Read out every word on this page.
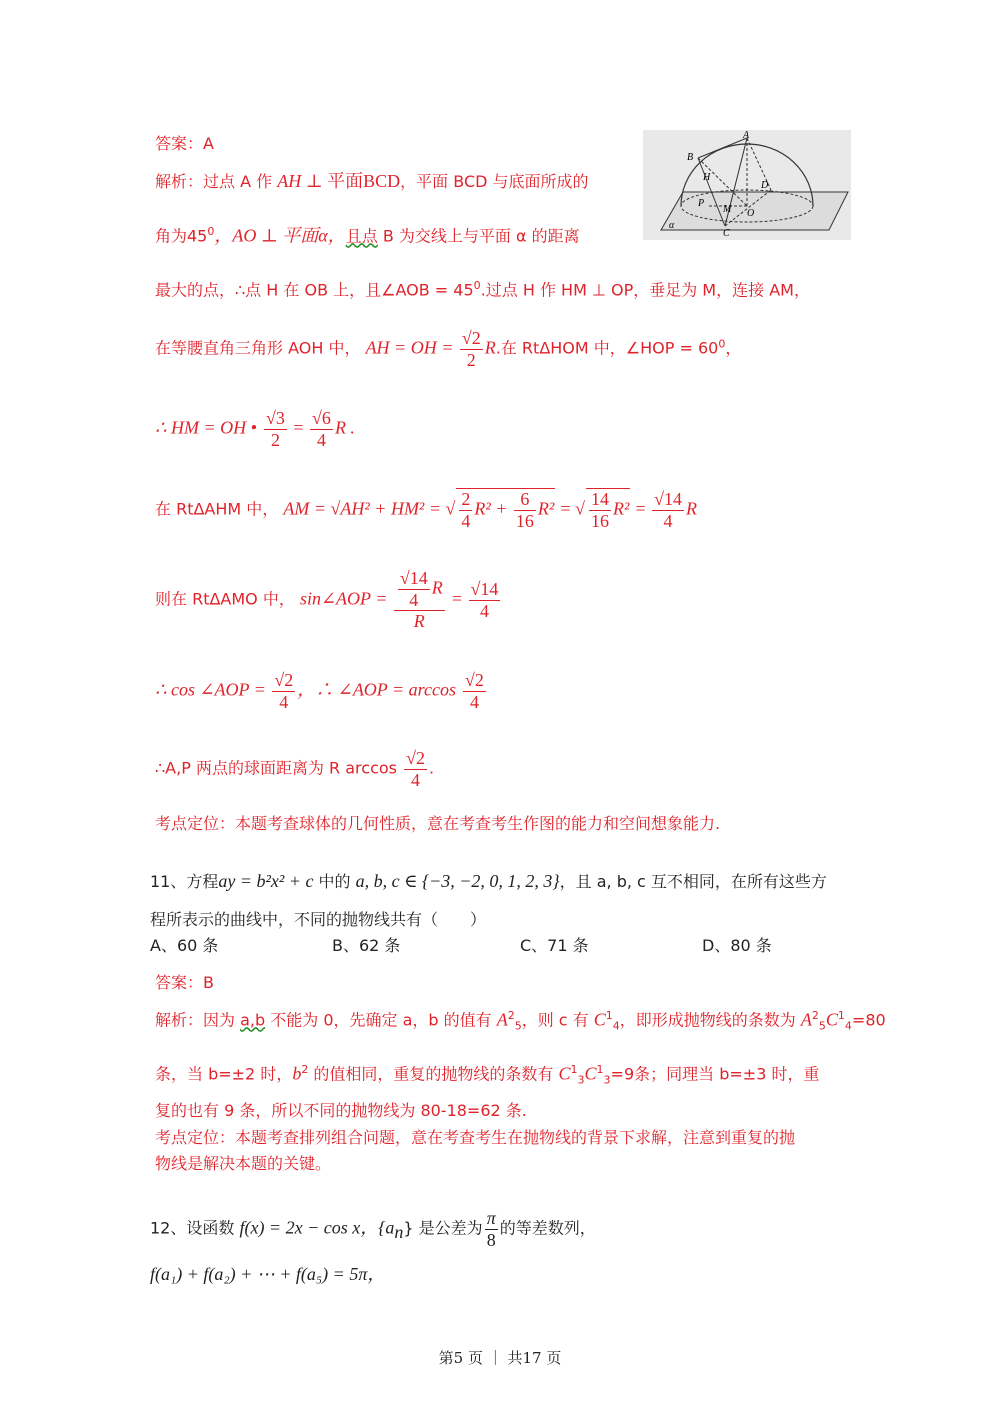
A
B
H
D
P
M O
C
α
答案：A
解析：过点 A 作 AH ⊥ 平面BCD，平面 BCD 与底面所成的
角为$45^0$，AO ⊥ 平面α，且点 B 为交线上与平面 α 的距离
最大的点，∴点 H 在 OB 上，且∠AOB = $45^0$.过点 H 作 HM ⊥ OP，垂足为 M，连接 AM，
在等腰直角三角形 AOH 中， AH = OH = $\frac{√2}{2} R$.在 RtΔHOM 中，∠HOP = $60^0$，
∴ HM = OH • $\frac{√3}{2} = \frac{√6}{4}$ R .
在 RtΔAHM 中， AM = √AH² + HM² = √ $\frac{2}{4} R^2 + \frac{6}{16} R^2$ = √ $\frac{14}{16} R^2 = \frac{√14}{4}$ R
则在 RtΔAMO 中， sin∠AOP = $\frac{\frac{√14}{4} R}{R} = \frac{√14}{4}$
∴ cos ∠AOP = $\frac{√2}{4}$ ，∴ ∠AOP = $\arccos \frac{√2}{4}$
∴A,P 两点的球面距离为 R $\arccos \frac{√2}{4}$ .
考点定位：本题考查球体的几何性质，意在考查考生作图的能力和空间想象能力.
11、方程ay = b²x² + c 中的 a, b, c ∈ {−3, −2, 0, 1, 2, 3}，且 a, b, c 互不相同，在所有这些方
程所表示的曲线中，不同的抛物线共有（　　）
A、60 条	B、62 条	C、71 条	D、80 条
答案：B
解析：因为 a,b 不能为 0，先确定 a，b 的值有 $A^2_5$，则 c 有 $C^1_4$，即形成抛物线的条数为 $A^2_5C^1_4=80$
条，当 b=±2 时，$b^2$ 的值相同，重复的抛物线的条数有 $C^1_3C^1_3=9$条；同理当 b=±3 时，重
复的也有 9 条，所以不同的抛物线为 80-18=62 条.
考点定位：本题考查排列组合问题，意在考查考生在抛物线的背景下求解，注意到重复的抛
物线是解决本题的关键。
12、设函数 f(x) = 2x − cos x，$\{a_n\}$ 是公差为 $\frac{\pi}{8}$ 的等差数列，
f(a₁) + f(a₂) + ⋯ + f(a₅) = 5π，
第5 页 ｜ 共17 页
